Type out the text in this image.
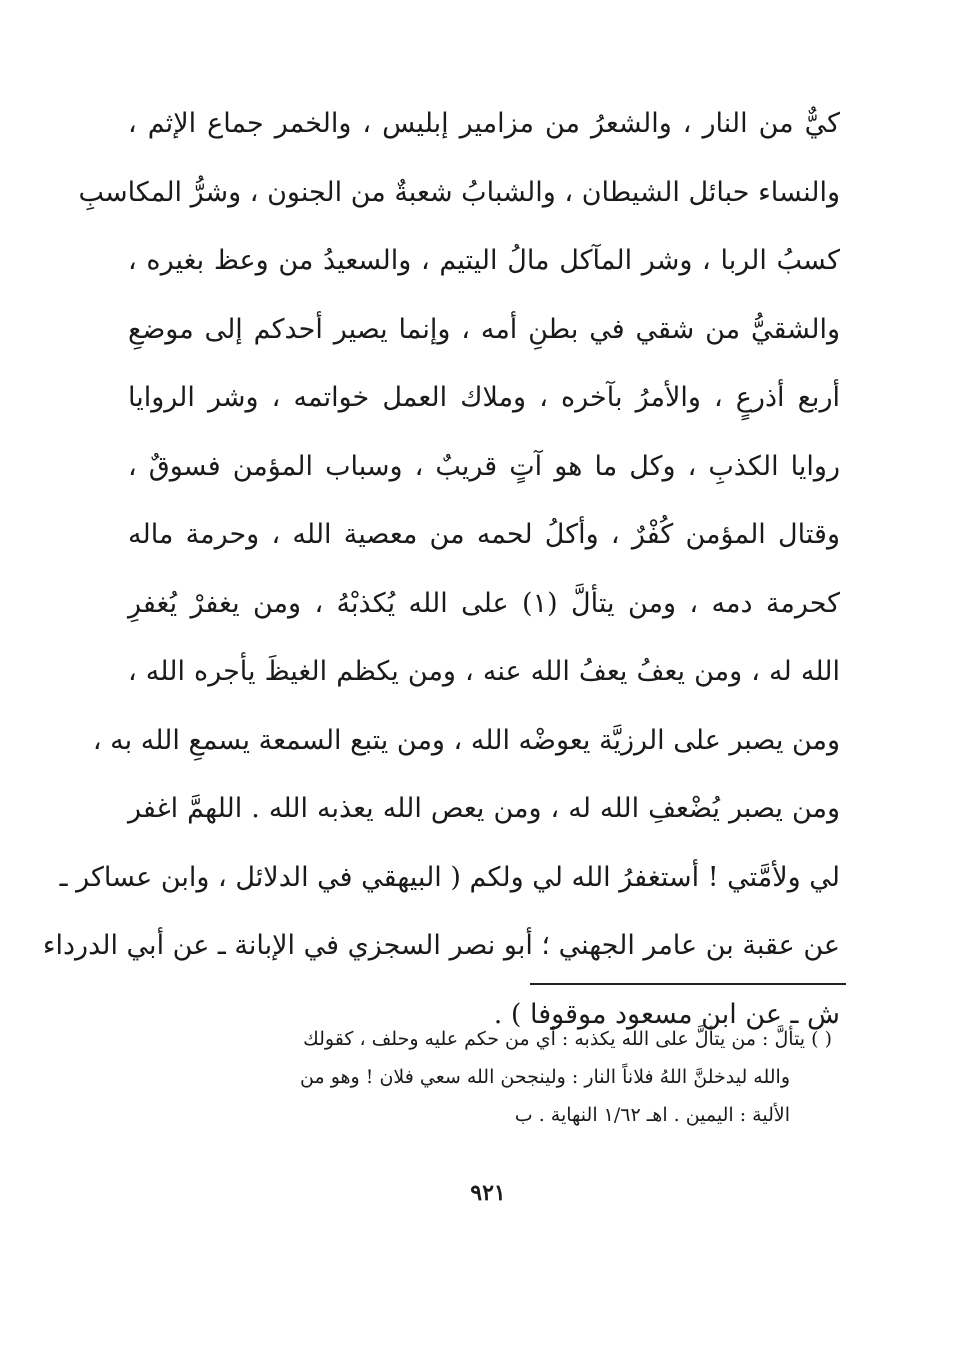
كيٌّ من النار ، والشعرُ من مزامير إبليس ، والخمر جماع الإثم ،
والنساء حبائل الشيطان ، والشبابُ شعبةٌ من الجنون ، وشرُّ المكاسبِ
كسبُ الربا ، وشر المآكل مالُ اليتيم ، والسعيدُ من وعظ بغيره ،
والشقيُّ من شقي في بطنِ أمه ، وإنما يصير أحدكم إلى موضعِ
أربع أذرعٍ ، والأمرُ بآخره ، وملاك العمل خواتمه ، وشر الروايا
روايا الكذبِ ، وكل ما هو آتٍ قريبٌ ، وسباب المؤمن فسوقٌ ،
وقتال المؤمن كُفْرٌ ، وأكلُ لحمه من معصية الله ، وحرمة ماله
كحرمة دمه ، ومن يتألَّ (١) على الله يُكذبْهُ ، ومن يغفرْ يُغفرِ
الله له ، ومن يعفُ يعفُ الله عنه ، ومن يكظم الغيظَ يأجره الله ،
ومن يصبر على الرزيَّة يعوضْه الله ، ومن يتبع السمعة يسمعِ الله به ،
ومن يصبر يُضْعفِ الله له ، ومن يعص الله يعذبه الله . اللهمَّ اغفر
لي ولأمَّتي ! أستغفرُ الله لي ولكم ( البيهقي في الدلائل ، وابن عساكر ـ
عن عقبة بن عامر الجهني ؛ أبو نصر السجزي في الإبانة ـ عن أبي الدرداء
ش ـ عن ابن مسعود موقوفا ) .
( ) يتألَّ : من يتألَّ على الله يكذبه : أي من حكم عليه وحلف ، كقولك
والله ليدخلنَّ اللهُ فلاناً النار : ولينجحن الله سعي فلان ! وهو من
الألية : اليمين . اهـ ١/٦٢ النهاية . ب
٩٢١
